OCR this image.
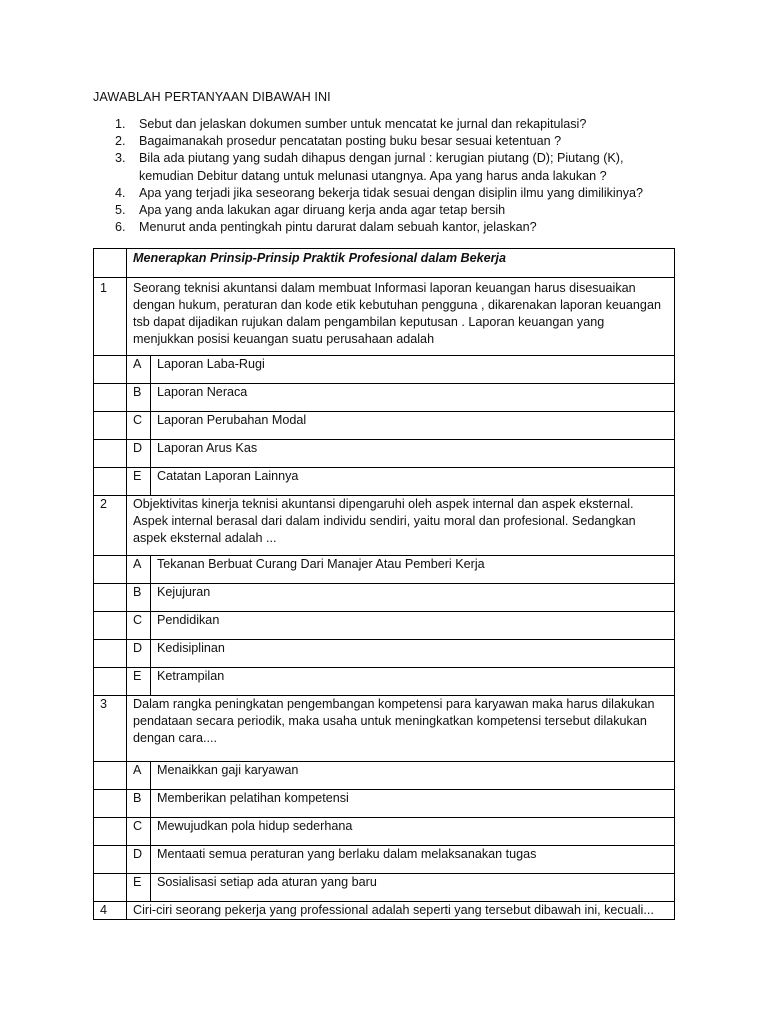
JAWABLAH PERTANYAAN DIBAWAH INI
1. Sebut dan jelaskan dokumen sumber untuk mencatat ke jurnal dan rekapitulasi?
2. Bagaimanakah prosedur pencatatan posting buku besar sesuai ketentuan ?
3. Bila ada piutang yang sudah dihapus dengan jurnal : kerugian piutang (D); Piutang (K), kemudian Debitur datang untuk melunasi utangnya. Apa yang harus anda lakukan ?
4. Apa yang terjadi jika seseorang bekerja tidak sesuai dengan disiplin ilmu yang dimilikinya?
5. Apa yang anda lakukan agar diruang kerja anda agar tetap bersih
6. Menurut anda pentingkah pintu darurat dalam sebuah kantor, jelaskan?
	Menerapkan Prinsip-Prinsip Praktik Profesional dalam Bekerja	
1	Seorang teknisi akuntansi dalam membuat Informasi laporan keuangan harus disesuaikan dengan hukum, peraturan dan kode etik kebutuhan pengguna , dikarenakan laporan keuangan tsb dapat dijadikan rujukan dalam pengambilan keputusan . Laporan keuangan yang menjukkan posisi keuangan suatu perusahaan adalah	
	A	Laporan Laba-Rugi
	B	Laporan Neraca
	C	Laporan Perubahan Modal
	D	Laporan Arus Kas
	E	Catatan Laporan Lainnya
2	Objektivitas kinerja teknisi akuntansi dipengaruhi oleh aspek internal dan aspek eksternal. Aspek internal berasal dari dalam individu sendiri, yaitu moral dan profesional. Sedangkan aspek eksternal adalah ...	
	A	Tekanan Berbuat Curang Dari Manajer Atau Pemberi Kerja
	B	Kejujuran
	C	Pendidikan
	D	Kedisiplinan
	E	Ketrampilan
3	Dalam rangka peningkatan pengembangan kompetensi para karyawan maka harus dilakukan pendataan secara periodik, maka usaha untuk meningkatkan kompetensi tersebut dilakukan dengan cara....	
	A	Menaikkan gaji karyawan
	B	Memberikan pelatihan kompetensi
	C	Mewujudkan pola hidup sederhana
	D	Mentaati semua peraturan yang berlaku dalam melaksanakan tugas
	E	Sosialisasi setiap ada aturan yang baru
4	Ciri-ciri seorang pekerja yang professional adalah seperti yang tersebut dibawah ini, kecuali...	
